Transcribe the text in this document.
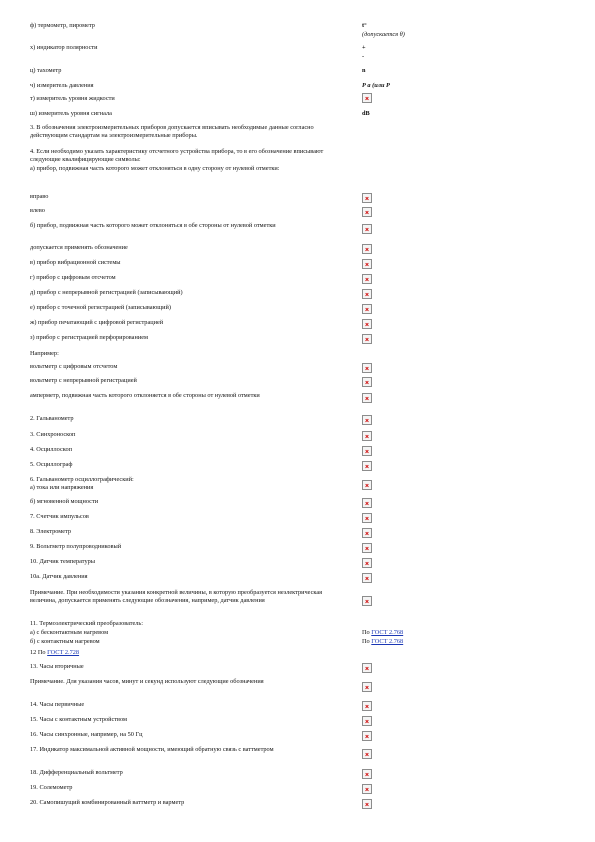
ф) термометр, пирометр
х) индикатор полярности
ц) тахометр
ч) измеритель давления
т) измеритель уровня жидкости
ш) измеритель уровня сигнала
3. В обозначения электроизмерительных приборов допускается вписывать необходимые данные согласно действующим стандартам на электроизмерительные приборы.
4. Если необходимо указать характеристику отсчетного устройства прибора, то в его обозначение вписывают следующие квалифицирующие символы:
а) прибор, подвижная часть которого может отклоняться в одну сторону от нулевой отметки:
вправо
влево
б) прибор, подвижная часть которого может отклоняться в обе стороны от нулевой отметки
допускается применять обозначение
в) прибор вибрационной системы
г) прибор с цифровым отсчетом
д) прибор с непрерывной регистрацией (записывающий)
е) прибор с точечной регистрацией (записывающий)
ж) прибор печатающий с цифровой регистрацией
з) прибор с регистрацией перфорированием
Например:
вольтметр с цифровым отсчетом
вольтметр с непрерывной регистрацией
амперметр, подвижная часть которого отклоняется в обе стороны от нулевой отметки
2. Гальванометр
3. Синхроноскоп
4. Осциллоскоп
5. Осциллограф
6. Гальванометр осциллографический:
а) тока или напряжения
б) мгновенной мощности
7. Счетчик импульсов
8. Электрометр
9. Вольтметр полупроводниковый
10. Датчик температуры
10а. Датчик давления
Примечание. При необходимости указания конкретной величины, в которую преобразуется неэлектрическая величина, допускается применять следующие обозначения, например, датчик давления
11. Термоэлектрический преобразователь:
а) с бесконтактным нагревом
б) с контактным нагревом
12 По ГОСТ 2.728
13. Часы вторичные
Примечание. Для указания часов, минут и секунд используют следующие обозначения
14. Часы первичные
15. Часы с контактным устройством
16. Часы синхронные, например, на 50 Гц
17. Индикатор максимальной активной мощности, имеющий обратную связь с ваттметром
18. Дифференциальный вольтметр
19. Солемометр
20. Самопишущий комбинированный ваттметр и варметр
t°
(допускается θ)
+
-
n
Р а (или Р
dB
По ГОСТ 2.768
По ГОСТ 2.768
